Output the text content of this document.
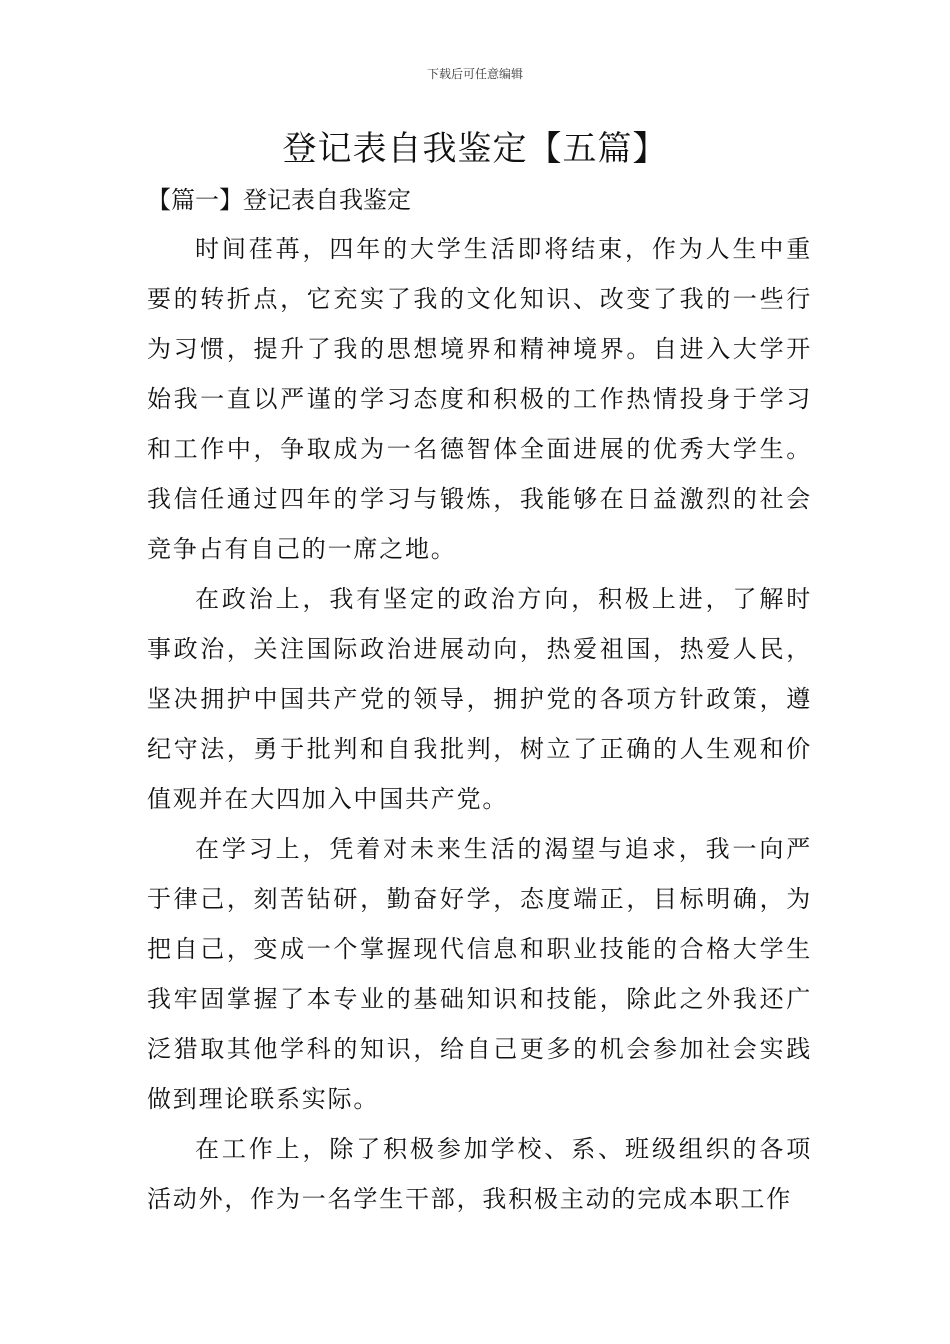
下载后可任意编辑
登记表自我鉴定【五篇】
【篇一】登记表自我鉴定

时间荏苒，四年的大学生活即将结束，作为人生中重要的转折点，它充实了我的文化知识、改变了我的一些行为习惯，提升了我的思想境界和精神境界。自进入大学开始我一直以严谨的学习态度和积极的工作热情投身于学习和工作中，争取成为一名德智体全面进展的优秀大学生。我信任通过四年的学习与锻炼，我能够在日益激烈的社会竞争占有自己的一席之地。

在政治上，我有坚定的政治方向，积极上进，了解时事政治，关注国际政治进展动向，热爱祖国，热爱人民，坚决拥护中国共产党的领导，拥护党的各项方针政策，遵纪守法，勇于批判和自我批判，树立了正确的人生观和价值观并在大四加入中国共产党。

在学习上，凭着对未来生活的渴望与追求，我一向严于律己，刻苦钻研，勤奋好学，态度端正，目标明确，为把自己，变成一个掌握现代信息和职业技能的合格大学生我牢固掌握了本专业的基础知识和技能，除此之外我还广泛猎取其他学科的知识，给自己更多的机会参加社会实践做到理论联系实际。

在工作上，除了积极参加学校、系、班级组织的各项活动外，作为一名学生干部，我积极主动的完成本职工作
